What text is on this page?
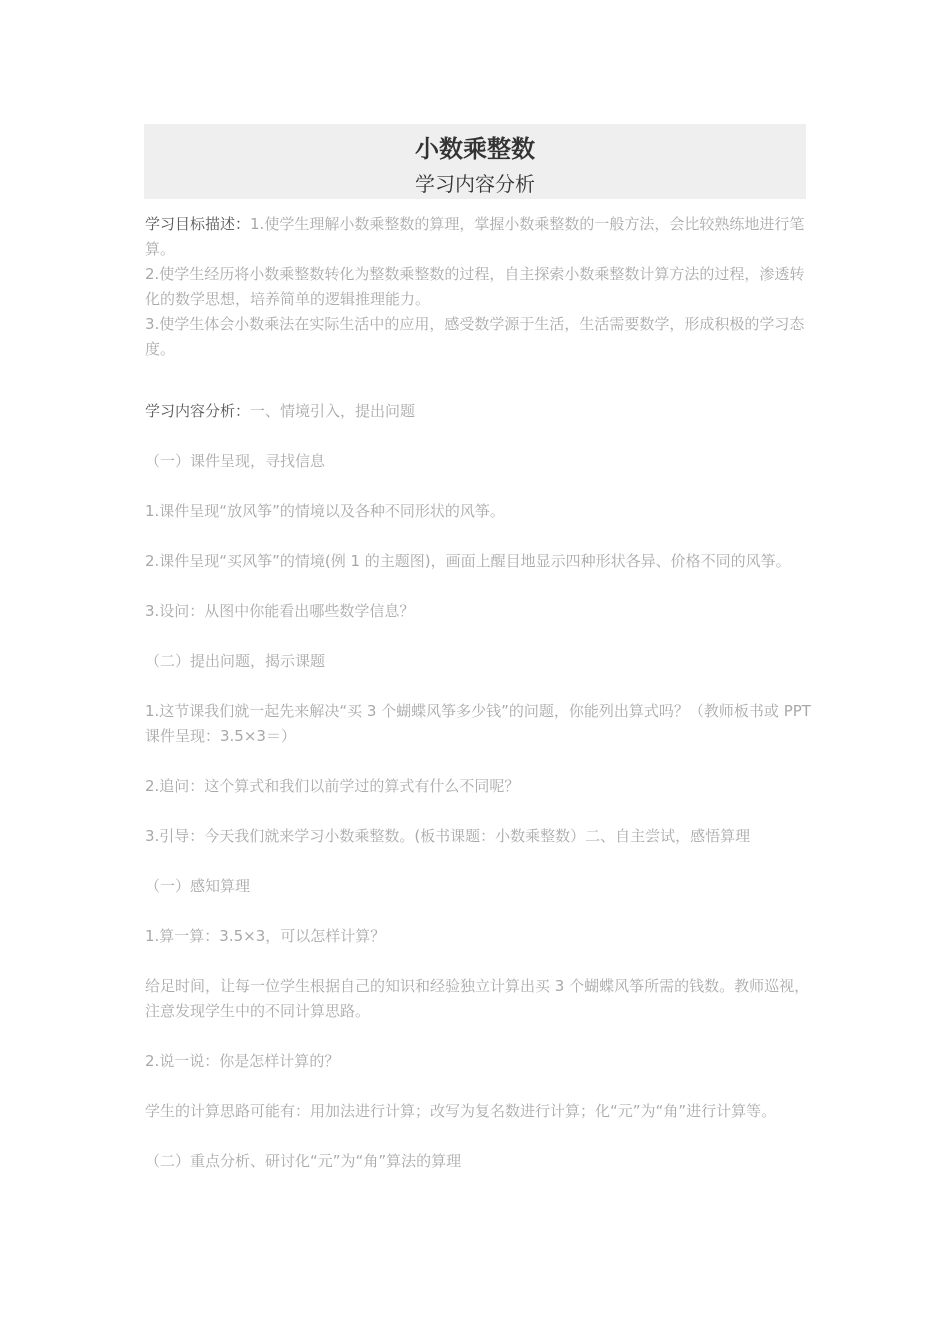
小数乘整数
学习内容分析

学习目标描述：1.使学生理解小数乘整数的算理，掌握小数乘整数的一般方法，会比较熟练地进行笔算。

2.使学生经历将小数乘整数转化为整数乘整数的过程，自主探索小数乘整数计算方法的过程，渗透转化的数学思想，培养简单的逻辑推理能力。

3.使学生体会小数乘法在实际生活中的应用，感受数学源于生活，生活需要数学，形成积极的学习态度。

学习内容分析：一、情境引入，提出问题

（一）课件呈现，寻找信息

1.课件呈现“放风筝”的情境以及各种不同形状的风筝。

2.课件呈现“买风筝”的情境(例 1 的主题图)，画面上醒目地显示四种形状各异、价格不同的风筝。

3.设问：从图中你能看出哪些数学信息？

（二）提出问题，揭示课题

1.这节课我们就一起先来解决“买 3 个蝴蝶风筝多少钱”的问题，你能列出算式吗？（教师板书或 PPT 课件呈现：3.5×3＝）

2.追问：这个算式和我们以前学过的算式有什么不同呢？

3.引导：今天我们就来学习小数乘整数。(板书课题：小数乘整数）二、自主尝试，感悟算理

（一）感知算理

1.算一算：3.5×3，可以怎样计算？

给足时间，让每一位学生根据自己的知识和经验独立计算出买 3 个蝴蝶风筝所需的钱数。教师巡视，注意发现学生中的不同计算思路。

2.说一说：你是怎样计算的？

学生的计算思路可能有：用加法进行计算；改写为复名数进行计算；化“元”为“角”进行计算等。

（二）重点分析、研讨化“元”为“角”算法的算理
